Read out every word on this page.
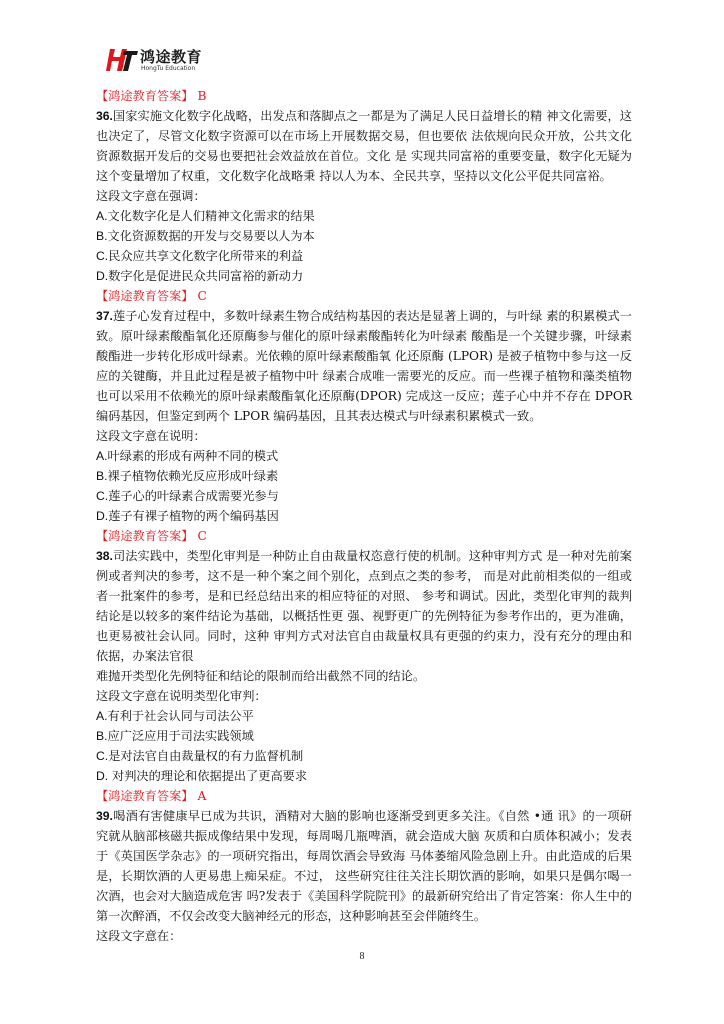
鸿途教育
HongTu Education

【鸿途教育答案】 B

36.国家实施文化数字化战略，出发点和落脚点之一都是为了满足人民日益增长的精 神文化需要，这也决定了，尽管文化数字资源可以在市场上开展数据交易，但也要依 法依规向民众开放，公共文化资源数据开发后的交易也要把社会效益放在首位。文化 是 实现共同富裕的重要变量，数字化无疑为这个变量增加了权重，文化数字化战略秉 持以人为本、全民共享，坚持以文化公平促共同富裕。

这段文字意在强调：

A.文化数字化是人们精神文化需求的结果

B.文化资源数据的开发与交易要以人为本

C.民众应共享文化数字化所带来的利益

D.数字化是促进民众共同富裕的新动力

【鸿途教育答案】 C

37.莲子心发育过程中，多数叶绿素生物合成结构基因的表达是显著上调的，与叶绿 素的积累模式一致。原叶绿素酸酯氧化还原酶参与催化的原叶绿素酸酯转化为叶绿素 酸酯是一个关键步骤，叶绿素酸酯进一步转化形成叶绿素。光依赖的原叶绿素酸酯氧 化还原酶 (LPOR) 是被子植物中参与这一反应的关键酶，并且此过程是被子植物中叶 绿素合成唯一需要光的反应。而一些裸子植物和藻类植物也可以采用不依赖光的原叶绿素酸酯氧化还原酶(DPOR) 完成这一反应；莲子心中并不存在 DPOR 编码基因，但鉴定到两个 LPOR 编码基因，且其表达模式与叶绿素积累模式一致。

这段文字意在说明：

A.叶绿素的形成有两种不同的模式

B.裸子植物依赖光反应形成叶绿素

C.莲子心的叶绿素合成需要光参与

D.莲子有裸子植物的两个编码基因

【鸿途教育答案】 C

38.司法实践中，类型化审判是一种防止自由裁量权恣意行使的机制。这种审判方式 是一种对先前案例或者判决的参考，这不是一种个案之间个别化，点到点之类的参考， 而是对此前相类似的一组或者一批案件的参考，是和已经总结出来的相应特征的对照、 参考和调试。因此，类型化审判的裁判结论是以较多的案件结论为基础，以概括性更 强、视野更广的先例特征为参考作出的，更为准确，也更易被社会认同。同时，这种 审判方式对法官自由裁量权具有更强的约束力，没有充分的理由和依据，办案法官很

难抛开类型化先例特征和结论的限制而给出截然不同的结论。

这段文字意在说明类型化审判：

A.有利于社会认同与司法公平

B.应广泛应用于司法实践领域

C.是对法官自由裁量权的有力监督机制

D. 对判决的理论和依据提出了更高要求

【鸿途教育答案】 A

39.喝酒有害健康早已成为共识，酒精对大脑的影响也逐渐受到更多关注。《自然 •通 讯》的一项研究就从脑部核磁共振成像结果中发现，每周喝几瓶啤酒，就会造成大脑 灰质和白质体积减小；发表于《英国医学杂志》的一项研究指出，每周饮酒会导致海 马体萎缩风险急剧上升。由此造成的后果是，长期饮酒的人更易患上痴呆症。不过， 这些研究往往关注长期饮酒的影响，如果只是偶尔喝一次酒，也会对大脑造成危害 吗?发表于《美国科学院院刊》的最新研究给出了肯定答案：你人生中的第一次醉酒，不仅会改变大脑神经元的形态，这种影响甚至会伴随终生。

这段文字意在：

8
